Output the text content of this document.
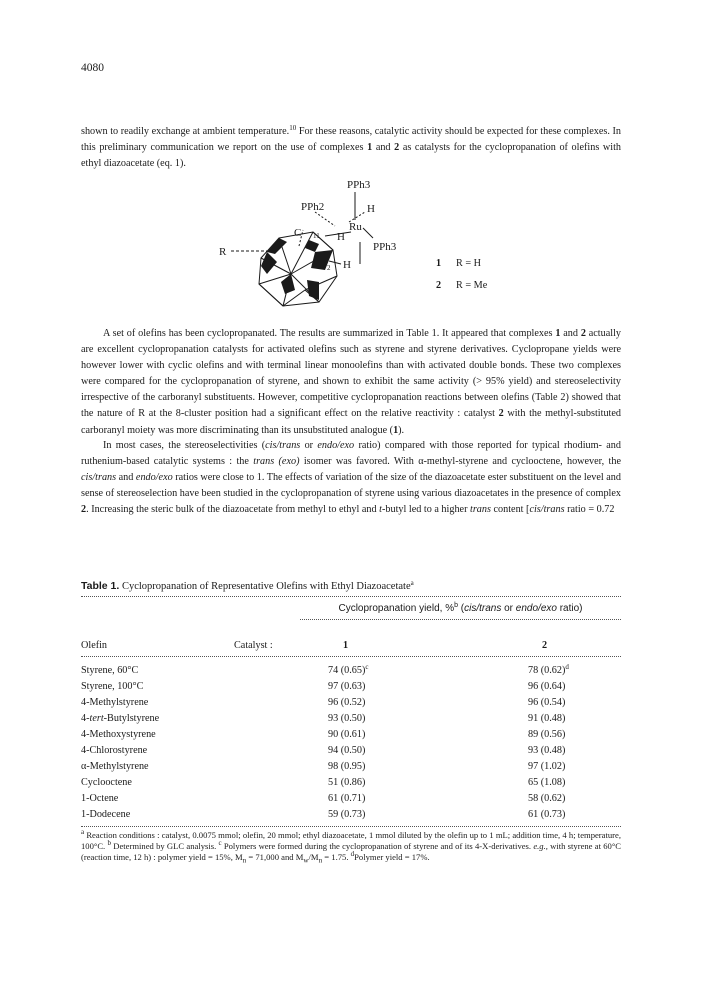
4080

shown to readily exchange at ambient temperature.$^{10}$ For these reasons, catalytic activity should be expected for these complexes. In this preliminary communication we report on the use of complexes 1 and 2 as catalysts for the cyclopropanation of olefins with ethyl diazoacetate (eq. 1).

PPh3
PPh2	H
Ru
C 11 H
PPh3
R
2 H	1	R = H
2	R = Me

A set of olefins has been cyclopropanated. The results are summarized in Table 1. It appeared that complexes 1 and 2 actually are excellent cyclopropanation catalysts for activated olefins such as styrene and styrene derivatives. Cyclopropane yields were however lower with cyclic olefins and with terminal linear monoolefins than with activated double bonds. These two complexes were compared for the cyclopropanation of styrene, and shown to exhibit the same activity (> 95% yield) and stereoselectivity irrespective of the carboranyl substituents. However, competitive cyclopropanation reactions between olefins (Table 2) showed that the nature of R at the 8-cluster position had a significant effect on the relative reactivity : catalyst 2 with the methyl-substituted carboranyl moiety was more discriminating than its unsubstituted analogue (1).

In most cases, the stereoselectivities (cis/trans or endo/exo ratio) compared with those reported for typical rhodium- and ruthenium-based catalytic systems : the trans (exo) isomer was favored. With α-methyl-styrene and cyclooctene, however, the cis/trans and endo/exo ratios were close to 1. The effects of variation of the size of the diazoacetate ester substituent on the level and sense of stereoselection have been studied in the cyclopropanation of styrene using various diazoacetates in the presence of complex 2. Increasing the steric bulk of the diazoacetate from methyl to ethyl and t-butyl led to a higher trans content [cis/trans ratio = 0.72

Table 1. Cyclopropanation of Representative Olefins with Ethyl Diazoacetate$^a$
Cyclopropanation yield, %$^b$ (cis/trans or endo/exo ratio)
Olefin	Catalyst :	1	2
Styrene, 60°C	74 $(0.65)^c$	78 $(0.62)^d$
Styrene, 100°C	97 (0.63)	96 (0.64)
4-Methylstyrene	96 (0.52)	96 (0.54)
4-tert-Butylstyrene	93 (0.50)	91 (0.48)
4-Methoxystyrene	90 (0.61)	89 (0.56)
4-Chlorostyrene	94 (0.50)	93 (0.48)
α-Methylstyrene	98 (0.95)	97 (1.02)
Cyclooctene	51 (0.86)	65 (1.08)
1-Octene	61 (0.71)	58 (0.62)
1-Dodecene	59 (0.73)	61 (0.73)

$^a$ Reaction conditions : catalyst, 0.0075 mmol; olefin, 20 mmol; ethyl diazoacetate, 1 mmol diluted by the olefin up to 1 mL; addition time, 4 h; temperature, 100°C. $^b$ Determined by GLC analysis. $^c$ Polymers were formed during the cyclopropanation of styrene and of its 4-X-derivatives. e.g., with styrene at 60°C (reaction time, 12 h) : polymer yield = 15%, $M_n = 71,000$ and $M_w/M_n = 1.75$. $^d$Polymer yield = 17%.
